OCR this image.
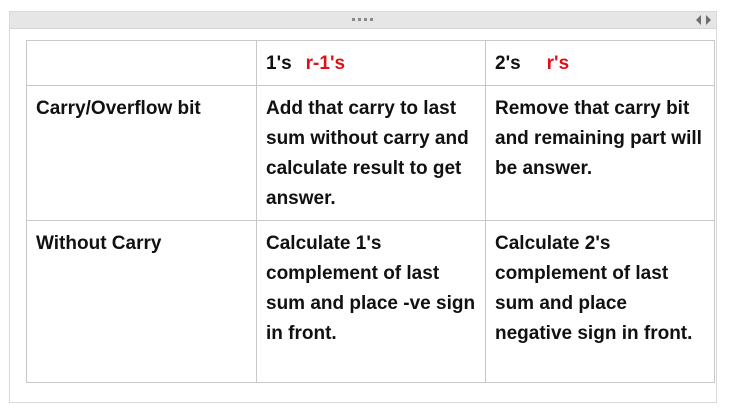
	1's r-1's	2's r's
Carry/Overflow bit	Add that carry to last sum without carry and calculate result to get answer.	Remove that carry bit and remaining part will be answer.
Without Carry	Calculate 1's complement of last sum and place -ve sign in front.	Calculate 2's complement of last sum and place negative sign in front.
